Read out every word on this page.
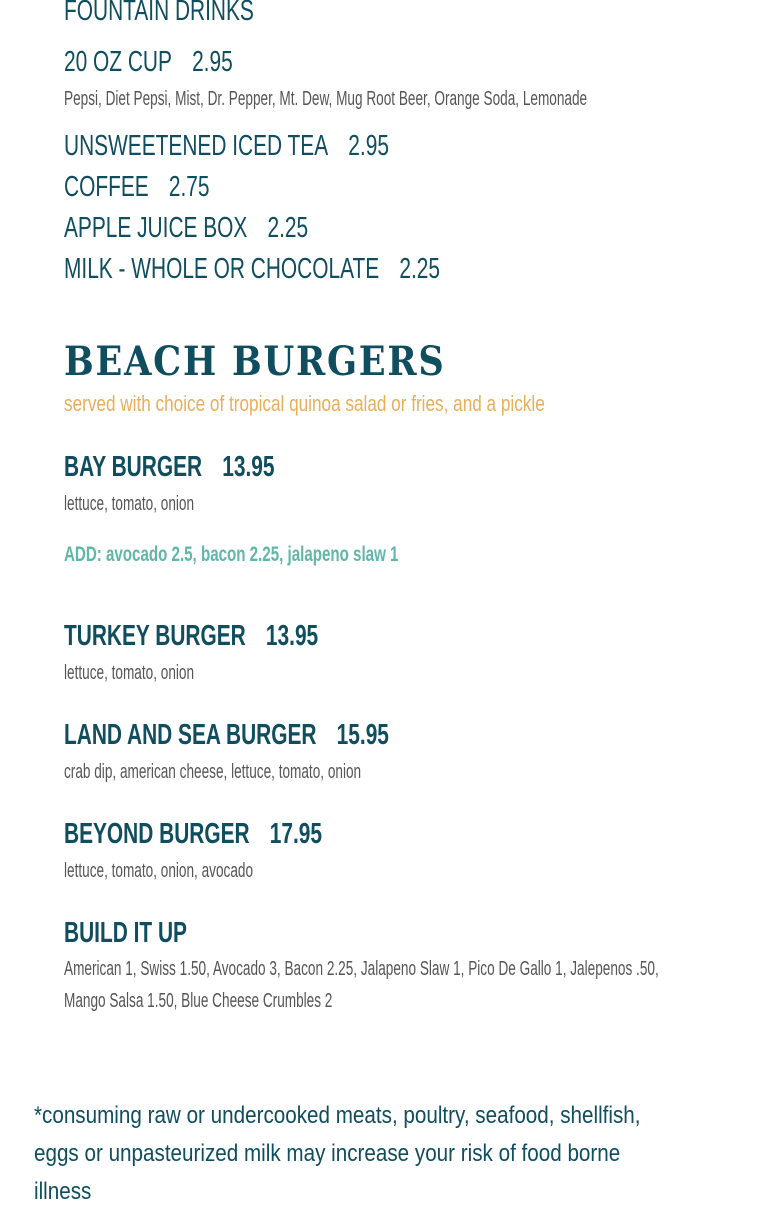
FOUNTAIN DRINKS
20 OZ CUP 2.95
Pepsi, Diet Pepsi, Mist, Dr. Pepper, Mt. Dew, Mug Root Beer, Orange Soda, Lemonade
UNSWEETENED ICED TEA 2.95
COFFEE 2.75
APPLE JUICE BOX 2.25
MILK - WHOLE OR CHOCOLATE 2.25
BEACH BURGERS
served with choice of tropical quinoa salad or fries, and a pickle
BAY BURGER 13.95
lettuce, tomato, onion
ADD: avocado 2.5, bacon 2.25, jalapeno slaw 1
TURKEY BURGER 13.95
lettuce, tomato, onion
LAND AND SEA BURGER 15.95
crab dip, american cheese, lettuce, tomato, onion
BEYOND BURGER 17.95
lettuce, tomato, onion, avocado
BUILD IT UP
American 1, Swiss 1.50, Avocado 3, Bacon 2.25, Jalapeno Slaw 1, Pico De Gallo 1, Jalepenos .50, Mango Salsa 1.50, Blue Cheese Crumbles 2
*consuming raw or undercooked meats, poultry, seafood, shellfish, eggs or unpasteurized milk may increase your risk of food borne illness
